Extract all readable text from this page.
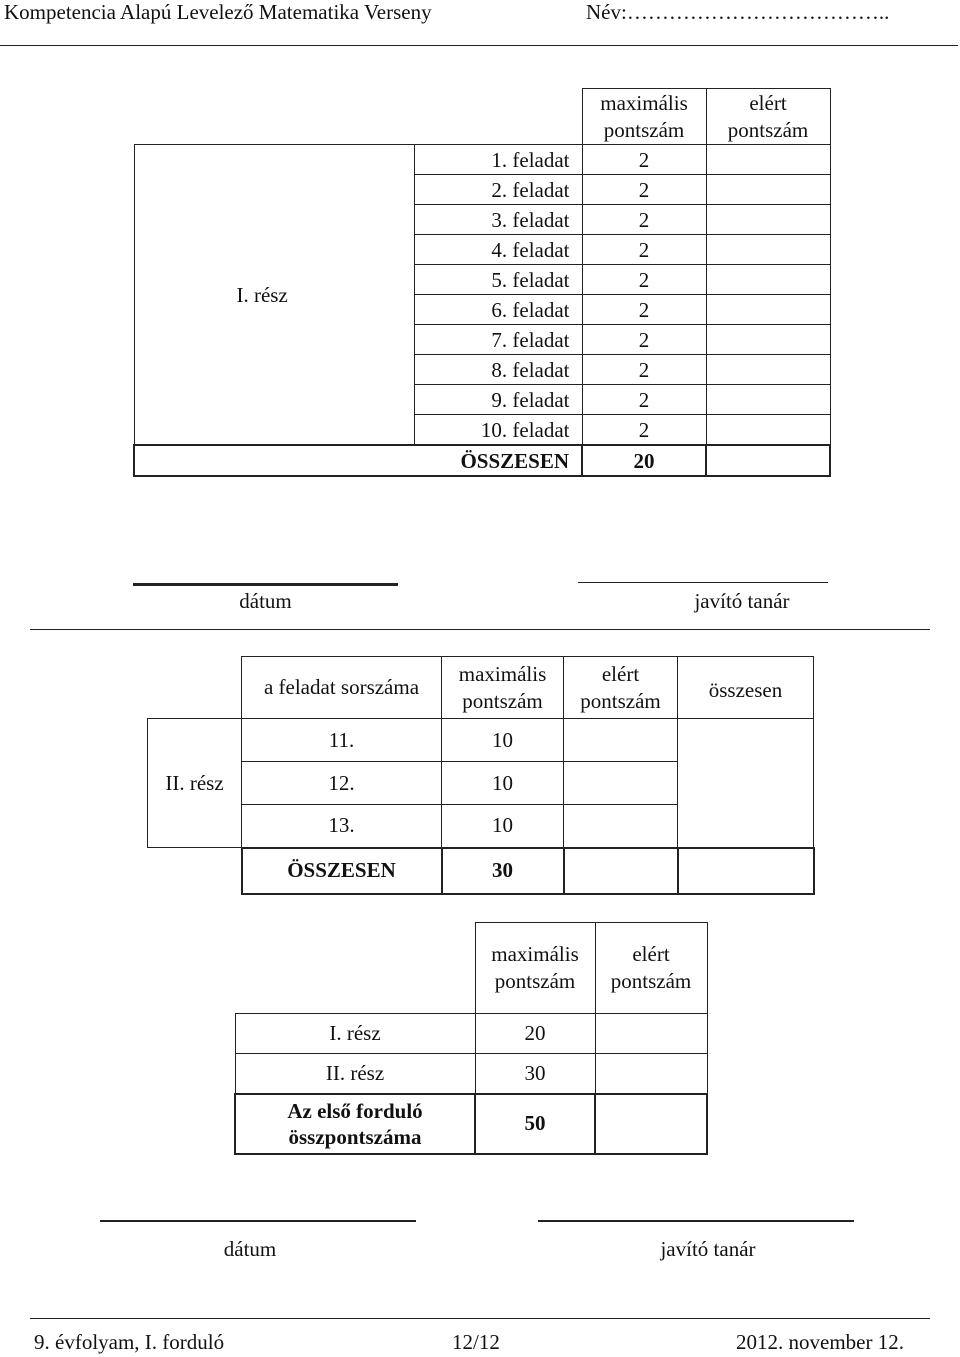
Kompetencia Alapú Levelező Matematika Verseny	Név:………………………………..
		maximális pontszám	elért pontszám
I. rész	1. feladat	2	
	2. feladat	2	
	3. feladat	2	
	4. feladat	2	
	5. feladat	2	
	6. feladat	2	
	7. feladat	2	
	8. feladat	2	
	9. feladat	2	
	10. feladat	2	
ÖSSZESEN		20	
dátum	javító tanár
	a feladat sorszáma	maximális pontszám	elért pontszám	összesen
II. rész	11.	10		
	12.	10		
	13.	10		
	ÖSSZESEN	30		
	maximális pontszám	elért pontszám
I. rész	20	
II. rész	30	
Az első forduló összpontszáma	50	
dátum	javító tanár
9. évfolyam, I. forduló	12/12	2012. november 12.
